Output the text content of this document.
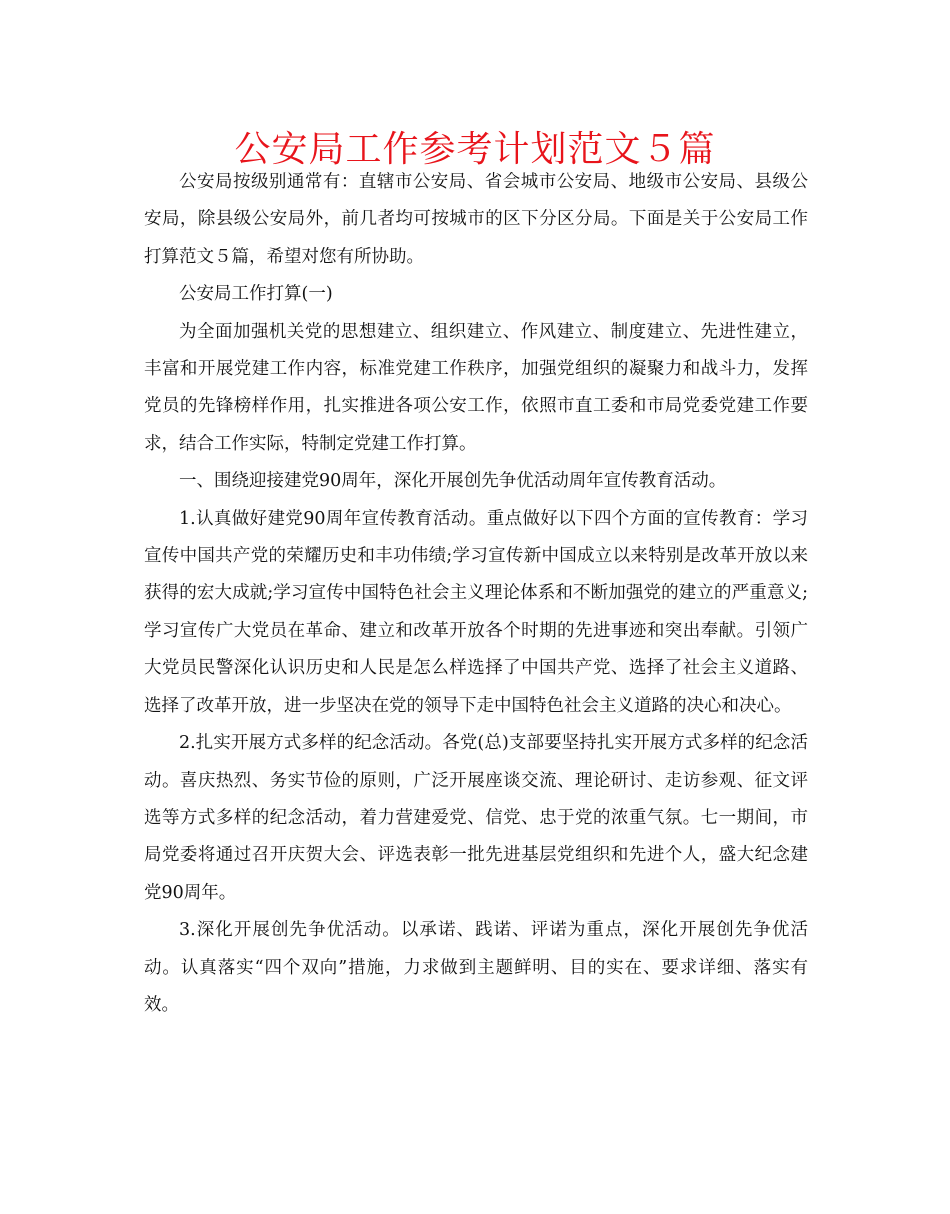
公安局工作参考计划范文５篇

公安局按级别通常有：直辖市公安局、省会城市公安局、地级市公安局、县级公安局，除县级公安局外，前几者均可按城市的区下分区分局。下面是关于公安局工作打算范文５篇，希望对您有所协助。

公安局工作打算(一)

为全面加强机关党的思想建立、组织建立、作风建立、制度建立、先进性建立，丰富和开展党建工作内容，标准党建工作秩序，加强党组织的凝聚力和战斗力，发挥党员的先锋榜样作用，扎实推进各项公安工作，依照市直工委和市局党委党建工作要求，结合工作实际，特制定党建工作打算。

一、围绕迎接建党90周年，深化开展创先争优活动周年宣传教育活动。

1.认真做好建党90周年宣传教育活动。重点做好以下四个方面的宣传教育：学习宣传中国共产党的荣耀历史和丰功伟绩;学习宣传新中国成立以来特别是改革开放以来获得的宏大成就;学习宣传中国特色社会主义理论体系和不断加强党的建立的严重意义;学习宣传广大党员在革命、建立和改革开放各个时期的先进事迹和突出奉献。引领广大党员民警深化认识历史和人民是怎么样选择了中国共产党、选择了社会主义道路、选择了改革开放，进一步坚决在党的领导下走中国特色社会主义道路的决心和决心。

2.扎实开展方式多样的纪念活动。各党(总)支部要坚持扎实开展方式多样的纪念活动。喜庆热烈、务实节俭的原则，广泛开展座谈交流、理论研讨、走访参观、征文评选等方式多样的纪念活动，着力营建爱党、信党、忠于党的浓重气氛。七一期间，市局党委将通过召开庆贺大会、评选表彰一批先进基层党组织和先进个人，盛大纪念建党90周年。

3.深化开展创先争优活动。以承诺、践诺、评诺为重点，深化开展创先争优活动。认真落实“四个双向”措施，力求做到主题鲜明、目的实在、要求详细、落实有效。
